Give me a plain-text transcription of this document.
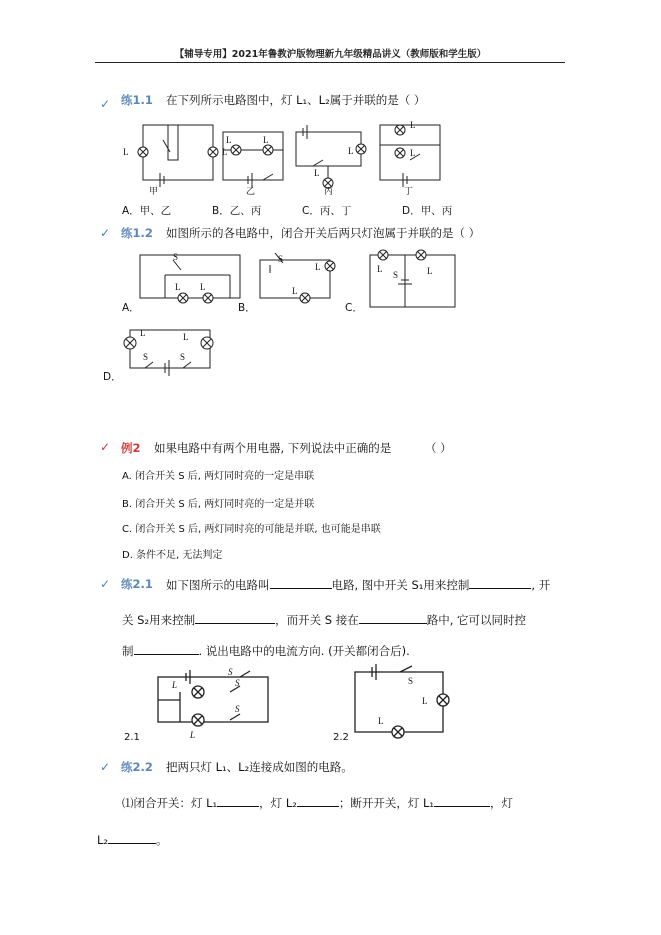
【辅导专用】2021年鲁教沪版物理新九年级精品讲义（教师版和学生版）
✓ 练1.1 在下列所示电路图中，灯 L₁、L₂属于并联的是（ ）
L	L
L	L
L
L
L
L
甲	乙	丙	丁
A．甲、乙	B．乙、丙	C．丙、丁	D．甲、丙
✓ 练1.2 如图所示的各电路中，闭合开关后两只灯泡属于并联的是（ ）
S
L L
S
L
L
L	L
S
L	L
S	S
A．	B．	C．
D．
✓ 例2 如果电路中有两个用电器, 下列说法中正确的是	（ ）
A. 闭合开关 S 后, 两灯同时亮的一定是串联
B. 闭合开关 S 后, 两灯同时亮的一定是并联
C. 闭合开关 S 后, 两灯同时亮的可能是并联, 也可能是串联
D. 条件不足, 无法判定
✓ 练2.1 如下图所示的电路叫	电路, 图中开关 S₁用来控制	, 开
关 S₂用来控制	，而开关 S 接在	路中, 它可以同时控
制	. 说出电路中的电流方向. (开关都闭合后).
L
S
S
S
L
S
L
L
2.1	2.2
✓ 练2.2 把两只灯 L₁、L₂连接成如图的电路。
⑴闭合开关：灯 L₁	，灯 L₂	；断开开关，灯 L₁	，灯
L₂	。
